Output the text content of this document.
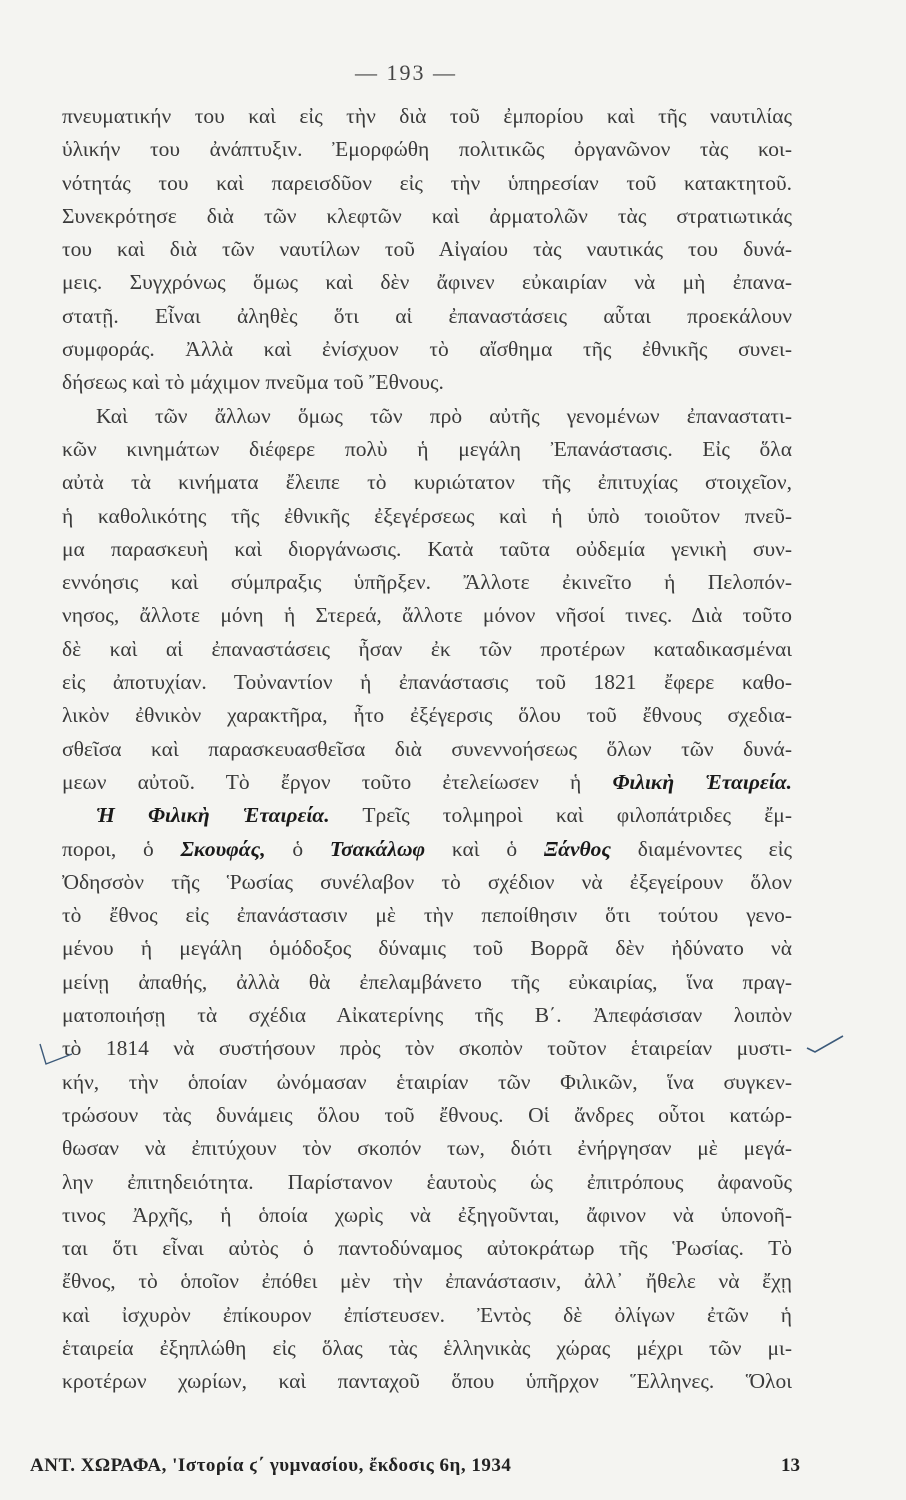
— 193 —
πνευματικήν του καὶ εἰς τὴν διὰ τοῦ ἐμπορίου καὶ τῆς ναυτιλίας
ὑλικήν του ἀνάπτυξιν. Ἐμορφώθη πολιτικῶς ὀργανῶνον τὰς κοι-
νότητάς του καὶ παρεισδῦον εἰς τὴν ὑπηρεσίαν τοῦ κατακτητοῦ.
Συνεκρότησε διὰ τῶν κλεφτῶν καὶ ἀρματολῶν τὰς στρατιωτικάς
του καὶ διὰ τῶν ναυτίλων τοῦ Αἰγαίου τὰς ναυτικάς του δυνά-
μεις. Συγχρόνως ὅμως καὶ δὲν ἄφινεν εὐκαιρίαν νὰ μὴ ἐπανα-
στατῇ. Εἶναι ἀληθὲς ὅτι αἱ ἐπαναστάσεις αὗται προεκάλουν
συμφοράς. Ἀλλὰ καὶ ἐνίσχυον τὸ αἴσθημα τῆς ἐθνικῆς συνει-
δήσεως καὶ τὸ μάχιμον πνεῦμα τοῦ Ἔθνους.
Καὶ τῶν ἄλλων ὅμως τῶν πρὸ αὐτῆς γενομένων ἐπαναστατι-
κῶν κινημάτων διέφερε πολὺ ἡ μεγάλη Ἐπανάστασις. Εἰς ὅλα
αὐτὰ τὰ κινήματα ἔλειπε τὸ κυριώτατον τῆς ἐπιτυχίας στοιχεῖον,
ἡ καθολικότης τῆς ἐθνικῆς ἐξεγέρσεως καὶ ἡ ὑπὸ τοιοῦτον πνεῦ-
μα παρασκευὴ καὶ διοργάνωσις. Κατὰ ταῦτα οὐδεμία γενικὴ συν-
εννόησις καὶ σύμπραξις ὑπῆρξεν. Ἄλλοτε ἐκινεῖτο ἡ Πελοπόν-
νησος, ἄλλοτε μόνη ἡ Στερεά, ἄλλοτε μόνον νῆσοί τινες. Διὰ τοῦτο
δὲ καὶ αἱ ἐπαναστάσεις ἦσαν ἐκ τῶν προτέρων καταδικασμέναι
εἰς ἀποτυχίαν. Τοὐναντίον ἡ ἐπανάστασις τοῦ 1821 ἔφερε καθο-
λικὸν ἐθνικὸν χαρακτῆρα, ἦτο ἐξέγερσις ὅλου τοῦ ἔθνους σχεδια-
σθεῖσα καὶ παρασκευασθεῖσα διὰ συνεννοήσεως ὅλων τῶν δυνά-
μεων αὐτοῦ. Τὸ ἔργον τοῦτο ἐτελείωσεν ἡ Φιλικὴ Ἑταιρεία.
Ἡ Φιλικὴ Ἑταιρεία. Τρεῖς τολμηροὶ καὶ φιλοπάτριδες ἔμ-
ποροι, ὁ Σκουφάς, ὁ Τσακάλωφ καὶ ὁ Ξάνθος διαμένοντες εἰς
Ὀδησσὸν τῆς Ῥωσίας συνέλαβον τὸ σχέδιον νὰ ἐξεγείρουν ὅλον
τὸ ἔθνος εἰς ἐπανάστασιν μὲ τὴν πεποίθησιν ὅτι τούτου γενο-
μένου ἡ μεγάλη ὁμόδοξος δύναμις τοῦ Βορρᾶ δὲν ἠδύνατο νὰ
μείνῃ ἀπαθής, ἀλλὰ θὰ ἐπελαμβάνετο τῆς εὐκαιρίας, ἵνα πραγ-
ματοποιήσῃ τὰ σχέδια Αἰκατερίνης τῆς Β΄. Ἀπεφάσισαν λοιπὸν
τὸ 1814 νὰ συστήσουν πρὸς τὸν σκοπὸν τοῦτον ἑταιρείαν μυστι-
κήν, τὴν ὁποίαν ὠνόμασαν ἑταιρίαν τῶν Φιλικῶν, ἵνα συγκεν-
τρώσουν τὰς δυνάμεις ὅλου τοῦ ἔθνους. Οἱ ἄνδρες οὗτοι κατώρ-
θωσαν νὰ ἐπιτύχουν τὸν σκοπόν των, διότι ἐνήργησαν μὲ μεγά-
λην ἐπιτηδειότητα. Παρίστανον ἑαυτοὺς ὡς ἐπιτρόπους ἀφανοῦς
τινος Ἀρχῆς, ἡ ὁποία χωρὶς νὰ ἐξηγοῦνται, ἄφινον νὰ ὑπονοῆ-
ται ὅτι εἶναι αὐτὸς ὁ παντοδύναμος αὐτοκράτωρ τῆς Ῥωσίας. Τὸ
ἔθνος, τὸ ὁποῖον ἐπόθει μὲν τὴν ἐπανάστασιν, ἀλλ᾽ ἤθελε νὰ ἔχῃ
καὶ ἰσχυρὸν ἐπίκουρον ἐπίστευσεν. Ἐντὸς δὲ ὀλίγων ἐτῶν ἡ
ἑταιρεία ἐξηπλώθη εἰς ὅλας τὰς ἑλληνικὰς χώρας μέχρι τῶν μι-
κροτέρων χωρίων, καὶ πανταχοῦ ὅπου ὑπῆρχον Ἕλληνες. Ὅλοι
ΑΝΤ. ΧΩΡΑΦΑ, 'Ιστορία ϛ΄ γυμνασίου, ἔκδοσις 6η, 1934	13
